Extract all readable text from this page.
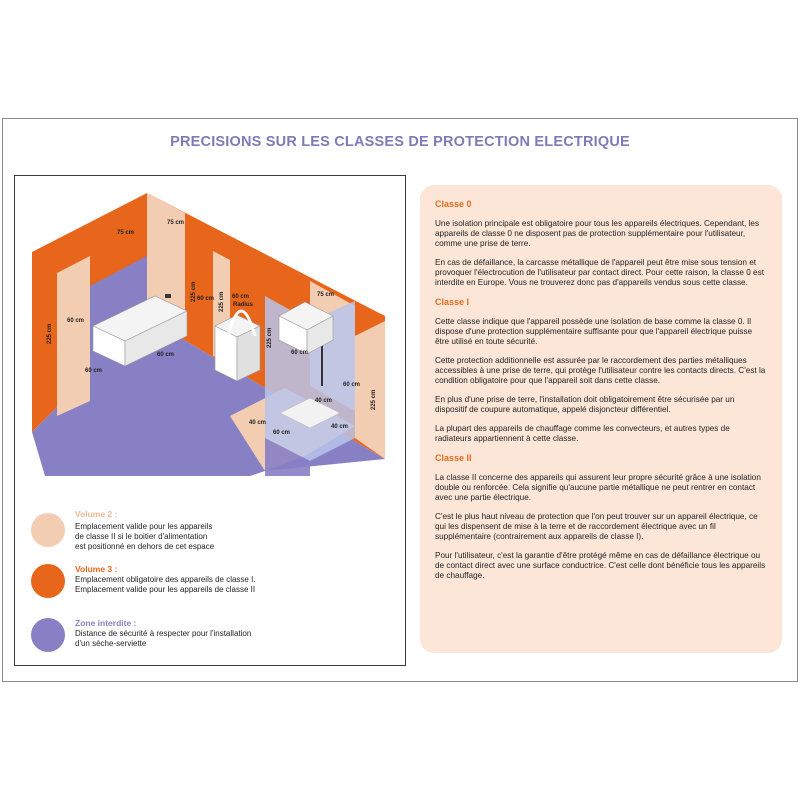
PRECISIONS SUR LES CLASSES DE PROTECTION ELECTRIQUE
75 cm
75 cm
225 cm
225 cm	225 cm
225 cm
60 cm
60 cm
60 cm
60 cm
60 cm
60 cm
60 cm
40 cm
40 cm
40 cm
75 cm
225 cm
60 cm
Radius
Volume 2 :
Emplacement valide pour les appareils
de classe II si le boitier d'alimentation
est positionné en dehors de cet espace
Volume 3 :
Emplacement obligatoire des appareils de classe I.
Emplacement valide pour les appareils de classe II
Zone interdite :
Distance de sécurité à respecter pour l'installation
d'un sèche-serviette
Classe 0

Une isolation principale est obligatoire pour tous les appareils électriques. Cependant, les appareils de classe 0 ne disposent pas de protection supplémentaire pour l'utilisateur, comme une prise de terre.

En cas de défaillance, la carcasse métallique de l'appareil peut être mise sous tension et provoquer l'électrocution de l'utilisateur par contact direct. Pour cette raison, la classe 0 est interdite en Europe. Vous ne trouverez donc pas d'appareils vendus sous cette classe.

Classe I

Cette classe indique que l'appareil possède une isolation de base comme la classe 0. Il dispose d'une protection supplémentaire suffisante pour que l'appareil électrique puisse être utilisé en toute sécurité.

Cette protection additionnelle est assurée par le raccordement des parties métalliques accessibles à une prise de terre, qui protège l'utilisateur contre les contacts directs. C'est la condition obligatoire pour que l'appareil soit dans cette classe.

En plus d'une prise de terre, l'installation doit obligatoirement être sécurisée par un dispositif de coupure automatique, appelé disjoncteur différentiel.

La plupart des appareils de chauffage comme les convecteurs, et autres types de radiateurs appartiennent à cette classe.

Classe II

La classe II concerne des appareils qui assurent leur propre sécurité grâce à une isolation double ou renforcée. Cela signifie qu'aucune partie métallique ne peut rentrer en contact avec une partie électrique.

C'est le plus haut niveau de protection que l'on peut trouver sur un appareil électrique, ce qui les dispensent de mise à la terre et de raccordement électrique avec un fil supplémentaire (contrairement aux appareils de classe I).

Pour l'utilisateur, c'est la garantie d'être protégé même en cas de défaillance électrique ou de contact direct avec une surface conductrice. C'est celle dont bénéficie tous les appareils de chauffage.
